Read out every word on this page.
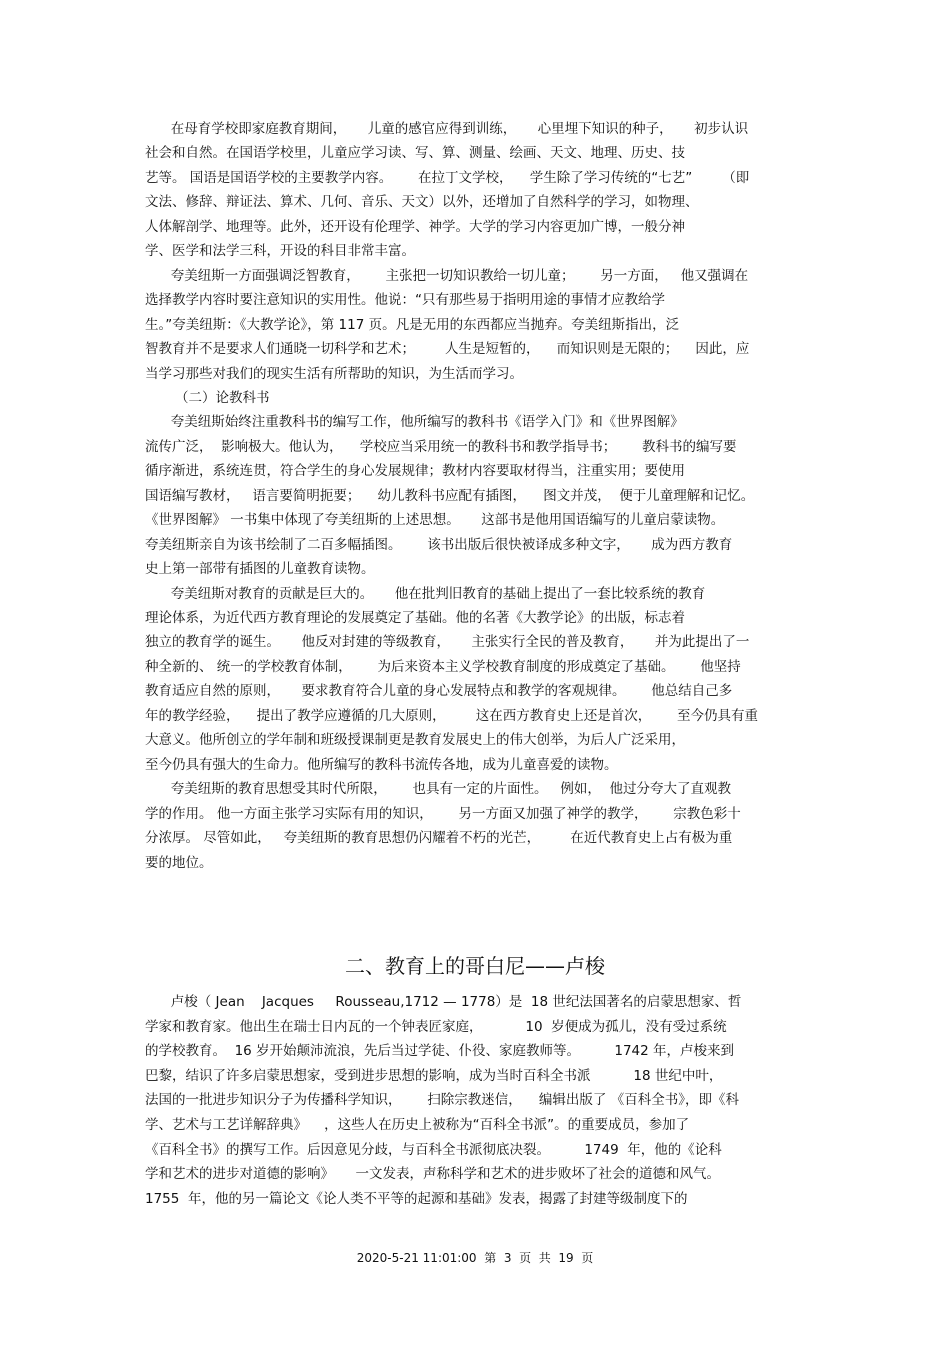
在母育学校即家庭教育期间，     儿童的感官应得到训练，     心里埋下知识的种子，     初步认识
社会和自然。在国语学校里，儿童应学习读、写、算、测量、绘画、天文、地理、历史、技
艺等。 国语是国语学校的主要教学内容。      在拉丁文学校，    学生除了学习传统的“七艺”       （即
文法、修辞、辩证法、算术、几何、音乐、天文）以外，还增加了自然科学的学习，如物理、
人体解剖学、地理等。此外，还开设有伦理学、神学。大学的学习内容更加广博，一般分神
学、医学和法学三科，开设的科目非常丰富。
夸美纽斯一方面强调泛智教育，      主张把一切知识教给一切儿童；      另一方面，   他又强调在
选择教学内容时要注意知识的实用性。他说：“只有那些易于指明用途的事情才应教给学
生。”夸美纽斯：《大教学论》，第 117 页。凡是无用的东西都应当抛弃。夸美纽斯指出，泛
智教育并不是要求人们通晓一切科学和艺术；       人生是短暂的，    而知识则是无限的；    因此，应
当学习那些对我们的现实生活有所帮助的知识，为生活而学习。
（二）论教科书
夸美纽斯始终注重教科书的编写工作，他所编写的教科书《语学入门》和《世界图解》
流传广泛，  影响极大。他认为，    学校应当采用统一的教科书和教学指导书；      教科书的编写要
循序渐进，系统连贯，符合学生的身心发展规律；教材内容要取材得当，注重实用；要使用
国语编写教材，   语言要简明扼要；    幼儿教科书应配有插图，    图文并茂，  便于儿童理解和记忆。
《世界图解》 一书集中体现了夸美纽斯的上述思想。     这部书是他用国语编写的儿童启蒙读物。
夸美纽斯亲自为该书绘制了二百多幅插图。      该书出版后很快被译成多种文字，     成为西方教育
史上第一部带有插图的儿童教育读物。
夸美纽斯对教育的贡献是巨大的。     他在批判旧教育的基础上提出了一套比较系统的教育
理论体系，为近代西方教育理论的发展奠定了基础。他的名著《大教学论》的出版，标志着
独立的教育学的诞生。     他反对封建的等级教育，     主张实行全民的普及教育，     并为此提出了一
种全新的、 统一的学校教育体制，      为后来资本主义学校教育制度的形成奠定了基础。      他坚持
教育适应自然的原则，     要求教育符合儿童的身心发展特点和教学的客观规律。      他总结自己多
年的教学经验，    提出了教学应遵循的几大原则，       这在西方教育史上还是首次，      至今仍具有重
大意义。他所创立的学年制和班级授课制更是教育发展史上的伟大创举，为后人广泛采用，
至今仍具有强大的生命力。他所编写的教科书流传各地，成为儿童喜爱的读物。
夸美纽斯的教育思想受其时代所限，      也具有一定的片面性。   例如，  他过分夸大了直观教
学的作用。 他一方面主张学习实际有用的知识，      另一方面又加强了神学的教学，      宗教色彩十
分浓厚。 尽管如此，   夸美纽斯的教育思想仍闪耀着不朽的光芒，       在近代教育史上占有极为重
要的地位。
二、教育上的哥白尼——卢梭
卢梭（ Jean    Jacques     Rousseau,1712 — 1778）是  18 世纪法国著名的启蒙思想家、哲
学家和教育家。他出生在瑞士日内瓦的一个钟表匠家庭，          10  岁便成为孤儿，没有受过系统
的学校教育。  16 岁开始颠沛流浪，先后当过学徒、仆役、家庭教师等。        1742 年，卢梭来到
巴黎，结识了许多启蒙思想家，受到进步思想的影响，成为当时百科全书派          18 世纪中叶，
法国的一批进步知识分子为传播科学知识，      扫除宗教迷信，    编辑出版了 《百科全书》，即《科
学、艺术与工艺详解辞典》    ，这些人在历史上被称为“百科全书派”。的重要成员，参加了
《百科全书》的撰写工作。后因意见分歧，与百科全书派彻底决裂。        1749  年，他的《论科
学和艺术的进步对道德的影响》     一文发表，声称科学和艺术的进步败坏了社会的道德和风气。
1755  年，他的另一篇论文《论人类不平等的起源和基础》发表，揭露了封建等级制度下的
2020-5-21 11:01:00  第  3  页  共  19  页
